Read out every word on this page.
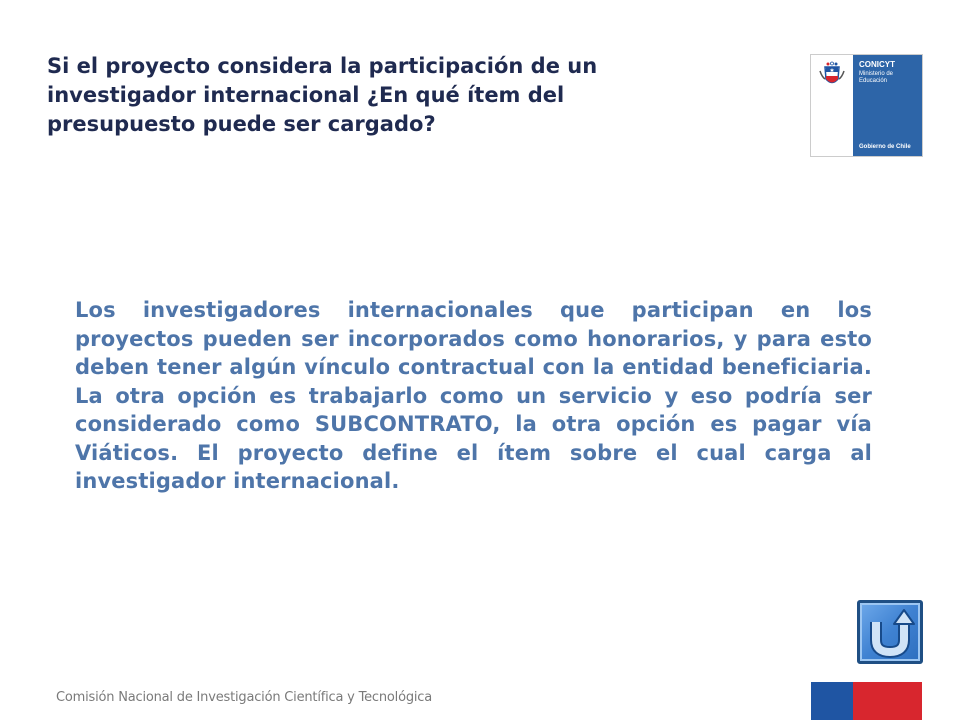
Si el proyecto considera la participación de un investigador internacional ¿En qué ítem del presupuesto puede ser cargado?
CONICYT
Ministerio de Educación
Gobierno de Chile

Los investigadores internacionales que participan en los proyectos pueden ser incorporados como honorarios, y para esto deben tener algún vínculo contractual con la entidad beneficiaria. La otra opción es trabajarlo como un servicio y eso podría ser considerado como SUBCONTRATO, la otra opción es pagar vía Viáticos. El proyecto define el ítem sobre el cual carga al investigador internacional.

Comisión Nacional de Investigación Científica y Tecnológica
